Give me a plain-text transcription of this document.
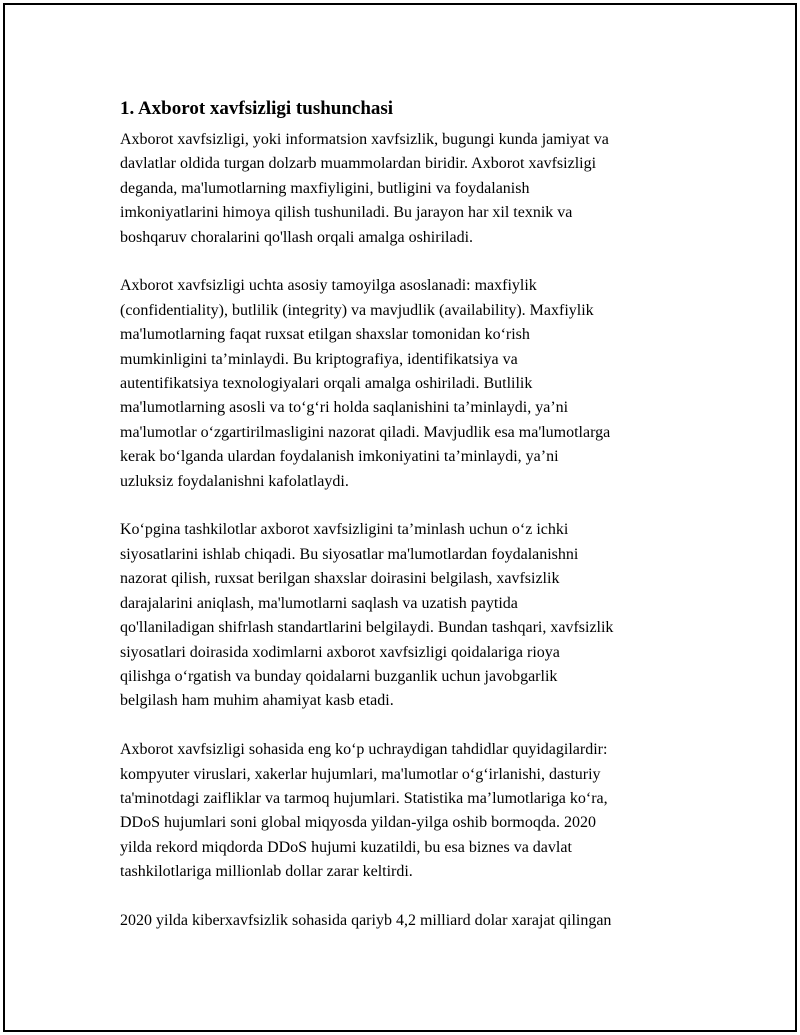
1. Axborot xavfsizligi tushunchasi

Axborot xavfsizligi, yoki informatsion xavfsizlik, bugungi kunda jamiyat va
davlatlar oldida turgan dolzarb muammolardan biridir. Axborot xavfsizligi
deganda, ma'lumotlarning maxfiyligini, butligini va foydalanish
imkoniyatlarini himoya qilish tushuniladi. Bu jarayon har xil texnik va
boshqaruv choralarini qo'llash orqali amalga oshiriladi.

Axborot xavfsizligi uchta asosiy tamoyilga asoslanadi: maxfiylik
(confidentiality), butlilik (integrity) va mavjudlik (availability). Maxfiylik
ma'lumotlarning faqat ruxsat etilgan shaxslar tomonidan ko‘rish
mumkinligini ta’minlaydi. Bu kriptografiya, identifikatsiya va
autentifikatsiya texnologiyalari orqali amalga oshiriladi. Butlilik
ma'lumotlarning asosli va to‘g‘ri holda saqlanishini ta’minlaydi, ya’ni
ma'lumotlar o‘zgartirilmasligini nazorat qiladi. Mavjudlik esa ma'lumotlarga
kerak bo‘lganda ulardan foydalanish imkoniyatini ta’minlaydi, ya’ni
uzluksiz foydalanishni kafolatlaydi.

Ko‘pgina tashkilotlar axborot xavfsizligini ta’minlash uchun o‘z ichki
siyosatlarini ishlab chiqadi. Bu siyosatlar ma'lumotlardan foydalanishni
nazorat qilish, ruxsat berilgan shaxslar doirasini belgilash, xavfsizlik
darajalarini aniqlash, ma'lumotlarni saqlash va uzatish paytida
qo'llaniladigan shifrlash standartlarini belgilaydi. Bundan tashqari, xavfsizlik
siyosatlari doirasida xodimlarni axborot xavfsizligi qoidalariga rioya
qilishga o‘rgatish va bunday qoidalarni buzganlik uchun javobgarlik
belgilash ham muhim ahamiyat kasb etadi.

Axborot xavfsizligi sohasida eng ko‘p uchraydigan tahdidlar quyidagilardir:
kompyuter viruslari, xakerlar hujumlari, ma'lumotlar o‘g‘irlanishi, dasturiy
ta'minotdagi zaifliklar va tarmoq hujumlari. Statistika ma’lumotlariga ko‘ra,
DDoS hujumlari soni global miqyosda yildan-yilga oshib bormoqda. 2020
yilda rekord miqdorda DDoS hujumi kuzatildi, bu esa biznes va davlat
tashkilotlariga millionlab dollar zarar keltirdi.

2020 yilda kiberxavfsizlik sohasida qariyb 4,2 milliard dolar xarajat qilingan
